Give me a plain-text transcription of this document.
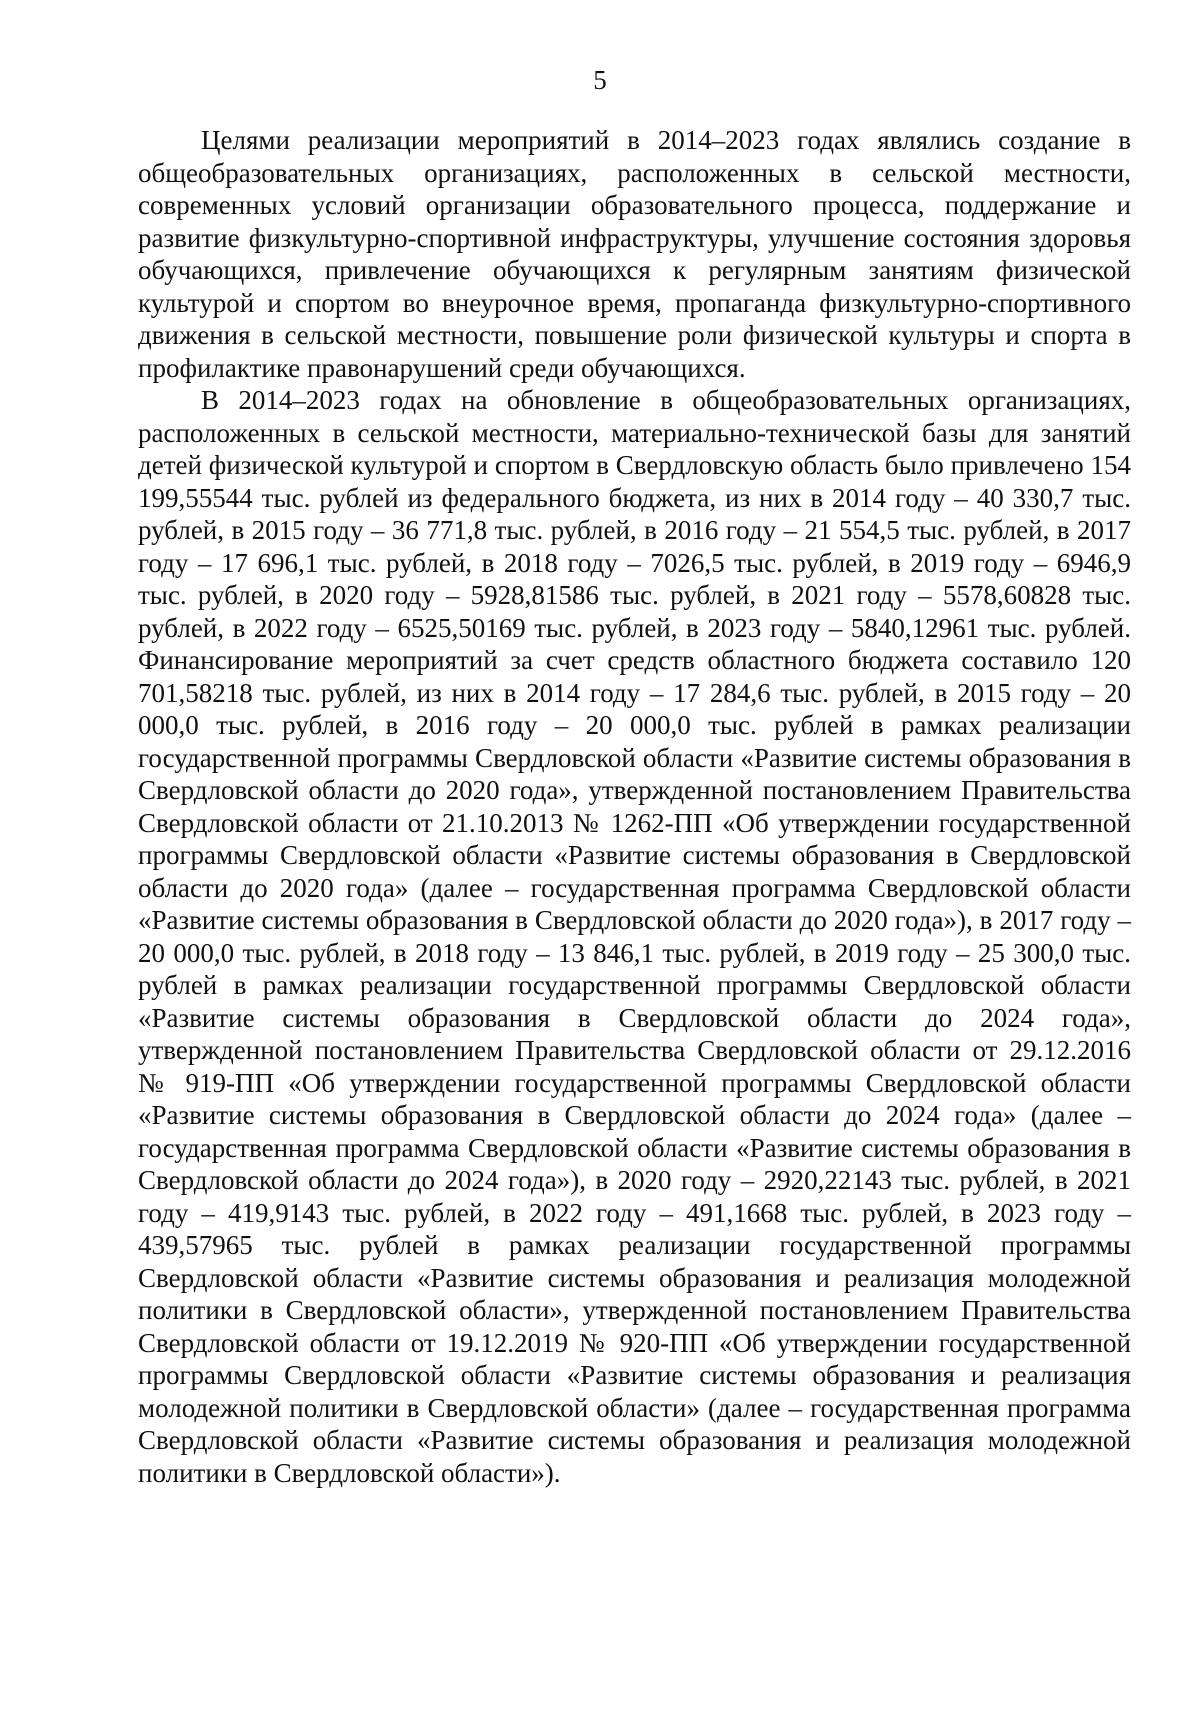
5

Целями реализации мероприятий в 2014–2023 годах являлись создание в общеобразовательных организациях, расположенных в сельской местности, современных условий организации образовательного процесса, поддержание и развитие физкультурно-спортивной инфраструктуры, улучшение состояния здоровья обучающихся, привлечение обучающихся к регулярным занятиям физической культурой и спортом во внеурочное время, пропаганда физкультурно-спортивного движения в сельской местности, повышение роли физической культуры и спорта в профилактике правонарушений среди обучающихся.

В 2014–2023 годах на обновление в общеобразовательных организациях, расположенных в сельской местности, материально-технической базы для занятий детей физической культурой и спортом в Свердловскую область было привлечено 154 199,55544 тыс. рублей из федерального бюджета, из них в 2014 году – 40 330,7 тыс. рублей, в 2015 году – 36 771,8 тыс. рублей, в 2016 году – 21 554,5 тыс. рублей, в 2017 году – 17 696,1 тыс. рублей, в 2018 году – 7026,5 тыс. рублей, в 2019 году – 6946,9 тыс. рублей, в 2020 году – 5928,81586 тыс. рублей, в 2021 году – 5578,60828 тыс. рублей, в 2022 году – 6525,50169 тыс. рублей, в 2023 году – 5840,12961 тыс. рублей. Финансирование мероприятий за счет средств областного бюджета составило 120 701,58218 тыс. рублей, из них в 2014 году – 17 284,6 тыс. рублей, в 2015 году – 20 000,0 тыс. рублей, в 2016 году – 20 000,0 тыс. рублей в рамках реализации государственной программы Свердловской области «Развитие системы образования в Свердловской области до 2020 года», утвержденной постановлением Правительства Свердловской области от 21.10.2013 № 1262-ПП «Об утверждении государственной программы Свердловской области «Развитие системы образования в Свердловской области до 2020 года» (далее – государственная программа Свердловской области «Развитие системы образования в Свердловской области до 2020 года»), в 2017 году – 20 000,0 тыс. рублей, в 2018 году – 13 846,1 тыс. рублей, в 2019 году – 25 300,0 тыс. рублей в рамках реализации государственной программы Свердловской области «Развитие системы образования в Свердловской области до 2024 года», утвержденной постановлением Правительства Свердловской области от 29.12.2016 № 919-ПП «Об утверждении государственной программы Свердловской области «Развитие системы образования в Свердловской области до 2024 года» (далее – государственная программа Свердловской области «Развитие системы образования в Свердловской области до 2024 года»), в 2020 году – 2920,22143 тыс. рублей, в 2021 году – 419,9143 тыс. рублей, в 2022 году – 491,1668 тыс. рублей, в 2023 году – 439,57965 тыс. рублей в рамках реализации государственной программы Свердловской области «Развитие системы образования и реализация молодежной политики в Свердловской области», утвержденной постановлением Правительства Свердловской области от 19.12.2019 № 920-ПП «Об утверждении государственной программы Свердловской области «Развитие системы образования и реализация молодежной политики в Свердловской области» (далее – государственная программа Свердловской области «Развитие системы образования и реализация молодежной политики в Свердловской области»).
